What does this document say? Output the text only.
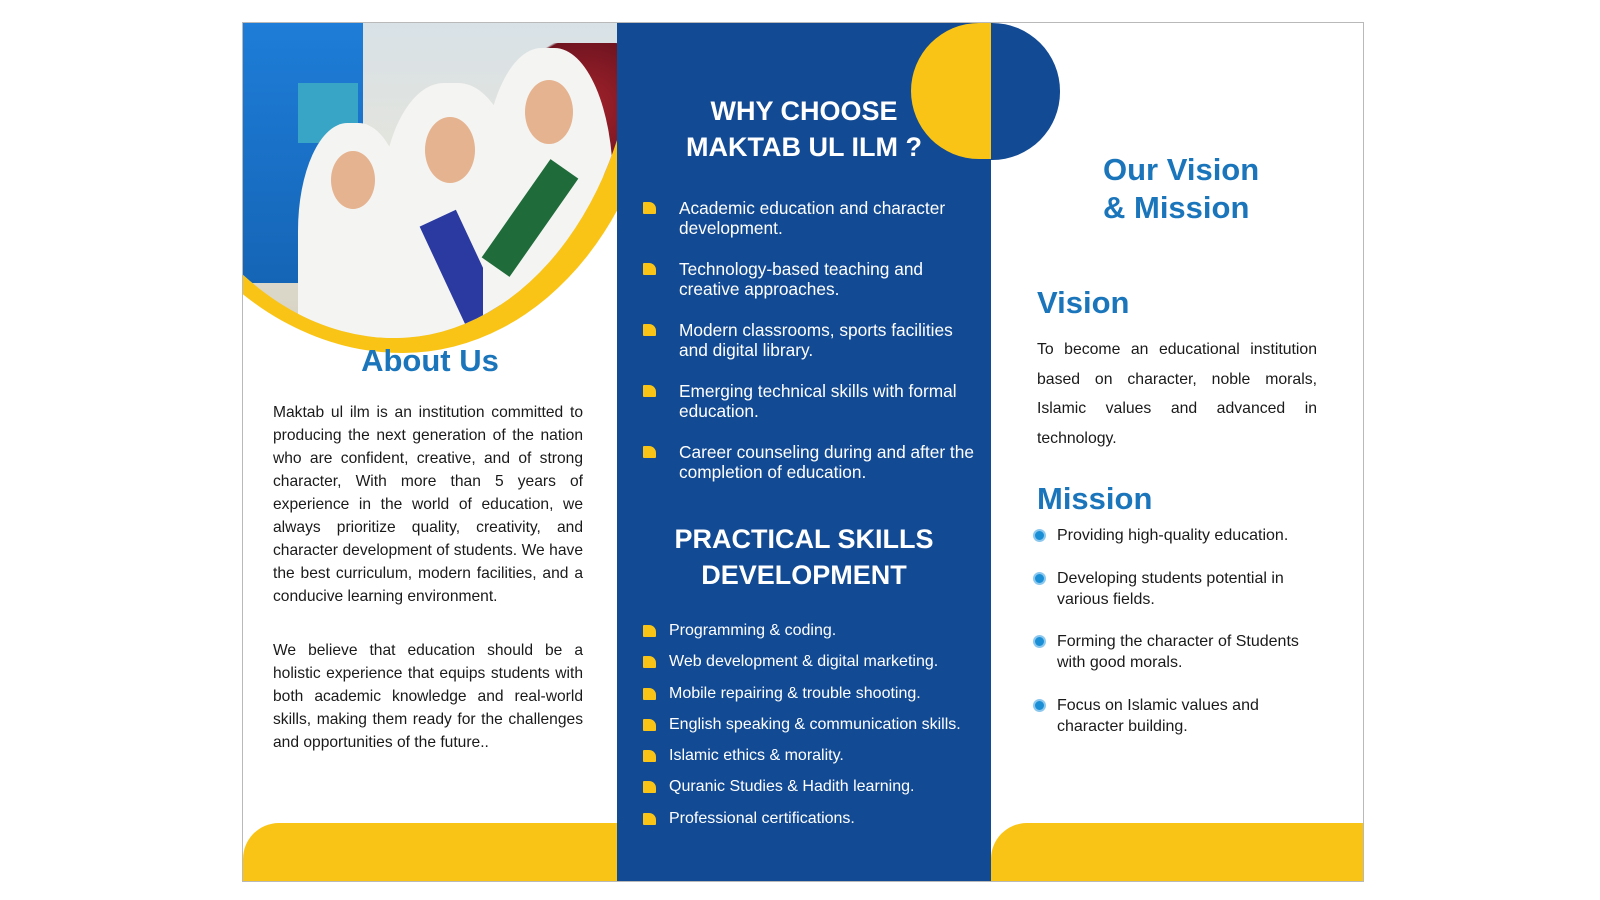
About Us

Maktab ul ilm is an institution committed to producing the next generation of the nation who are confident, creative, and of strong character, With more than 5 years of experience in the world of education, we always prioritize quality, creativity, and character development of students. We have the best curriculum, modern facilities, and a conducive learning environment.

We believe that education should be a holistic experience that equips students with both academic knowledge and real-world skills, making them ready for the challenges and opportunities of the future..

WHY CHOOSE
MAKTAB UL ILM ?
Academic education and character development.
Technology-based teaching and creative approaches.
Modern classrooms, sports facilities and digital library.
Emerging technical skills with formal education.
Career counseling during and after the completion of education.
PRACTICAL SKILLS
DEVELOPMENT
Programming & coding.
Web development & digital marketing.
Mobile repairing & trouble shooting.
English speaking & communication skills.
Islamic ethics & morality.
Quranic Studies & Hadith learning.
Professional certifications.
Our Vision
& Mission
Vision

To become an educational institution based on character, noble morals, Islamic values and advanced in technology.

Mission
Providing high-quality education.
Developing students potential in various fields.
Forming the character of Students with good morals.
Focus on Islamic values and character building.
